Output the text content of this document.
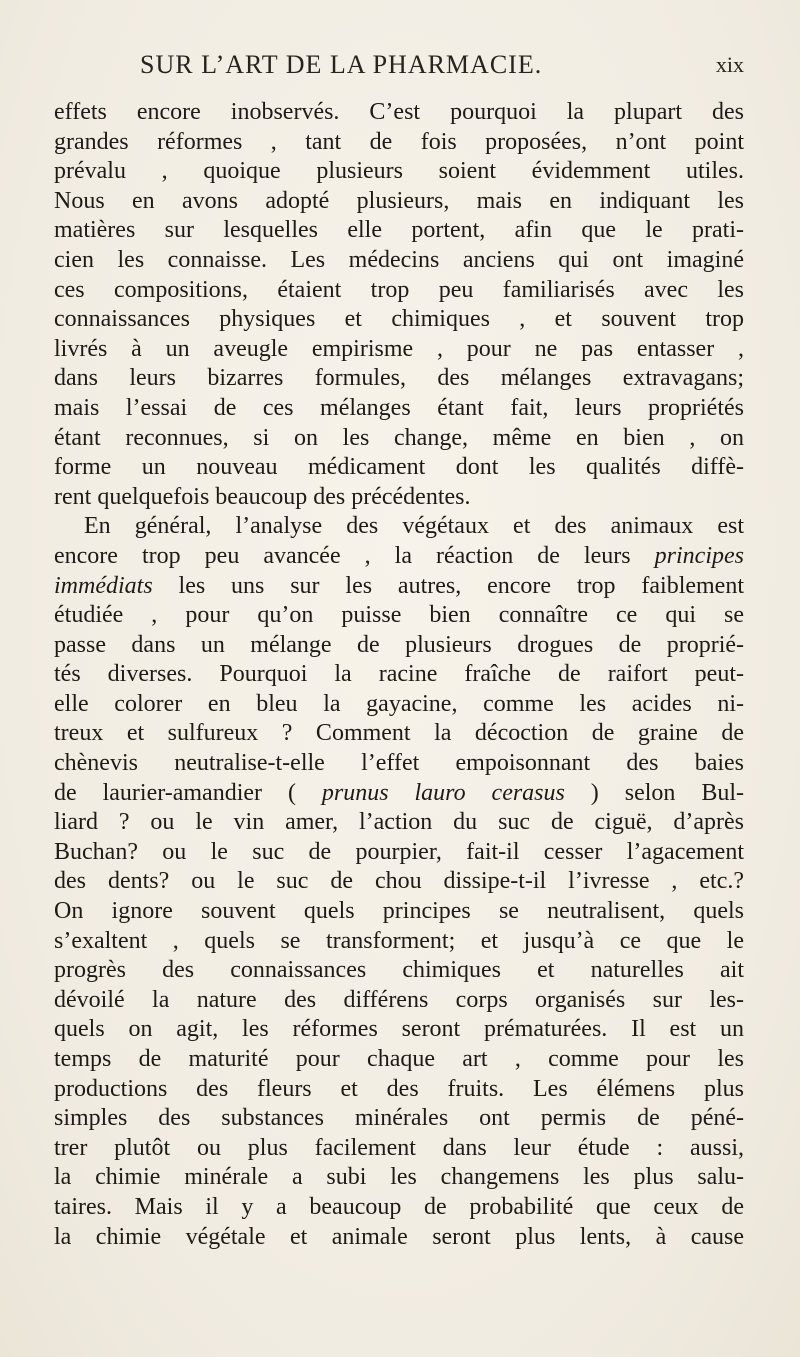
SUR L’ART DE LA PHARMACIE.	xix
effets encore inobservés. C’est pourquoi la plupart des
grandes réformes , tant de fois proposées, n’ont point
prévalu , quoique plusieurs soient évidemment utiles.
Nous en avons adopté plusieurs, mais en indiquant les
matières sur lesquelles elle portent, afin que le prati-
cien les connaisse. Les médecins anciens qui ont imaginé
ces compositions, étaient trop peu familiarisés avec les
connaissances physiques et chimiques , et souvent trop
livrés à un aveugle empirisme , pour ne pas entasser ,
dans leurs bizarres formules, des mélanges extravagans;
mais l’essai de ces mélanges étant fait, leurs propriétés
étant reconnues, si on les change, même en bien , on
forme un nouveau médicament dont les qualités diffè-
rent quelquefois beaucoup des précédentes.
En général, l’analyse des végétaux et des animaux est
encore trop peu avancée , la réaction de leurs principes
immédiats les uns sur les autres, encore trop faiblement
étudiée , pour qu’on puisse bien connaître ce qui se
passe dans un mélange de plusieurs drogues de proprié-
tés diverses. Pourquoi la racine fraîche de raifort peut-
elle colorer en bleu la gayacine, comme les acides ni-
treux et sulfureux ? Comment la décoction de graine de
chènevis neutralise-t-elle l’effet empoisonnant des baies
de laurier-amandier ( prunus lauro cerasus ) selon Bul-
liard ? ou le vin amer, l’action du suc de ciguë, d’après
Buchan? ou le suc de pourpier, fait-il cesser l’agacement
des dents? ou le suc de chou dissipe-t-il l’ivresse , etc.?
On ignore souvent quels principes se neutralisent, quels
s’exaltent , quels se transforment; et jusqu’à ce que le
progrès des connaissances chimiques et naturelles ait
dévoilé la nature des différens corps organisés sur les-
quels on agit, les réformes seront prématurées. Il est un
temps de maturité pour chaque art , comme pour les
productions des fleurs et des fruits. Les élémens plus
simples des substances minérales ont permis de péné-
trer plutôt ou plus facilement dans leur étude : aussi,
la chimie minérale a subi les changemens les plus salu-
taires. Mais il y a beaucoup de probabilité que ceux de
la chimie végétale et animale seront plus lents, à cause
